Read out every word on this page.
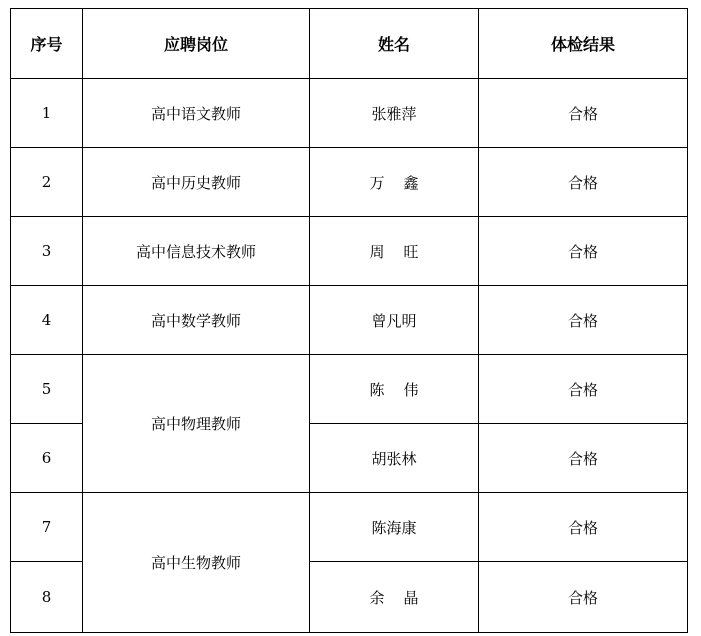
序号	应聘岗位	姓名	体检结果
1	高中语文教师	张雅萍	合格
2	高中历史教师	万    鑫	合格
3	高中信息技术教师	周    旺	合格
4	高中数学教师	曾凡明	合格
5	高中物理教师	陈    伟	合格
6		胡张林	合格
7	高中生物教师	陈海康	合格
8		余    晶	合格
